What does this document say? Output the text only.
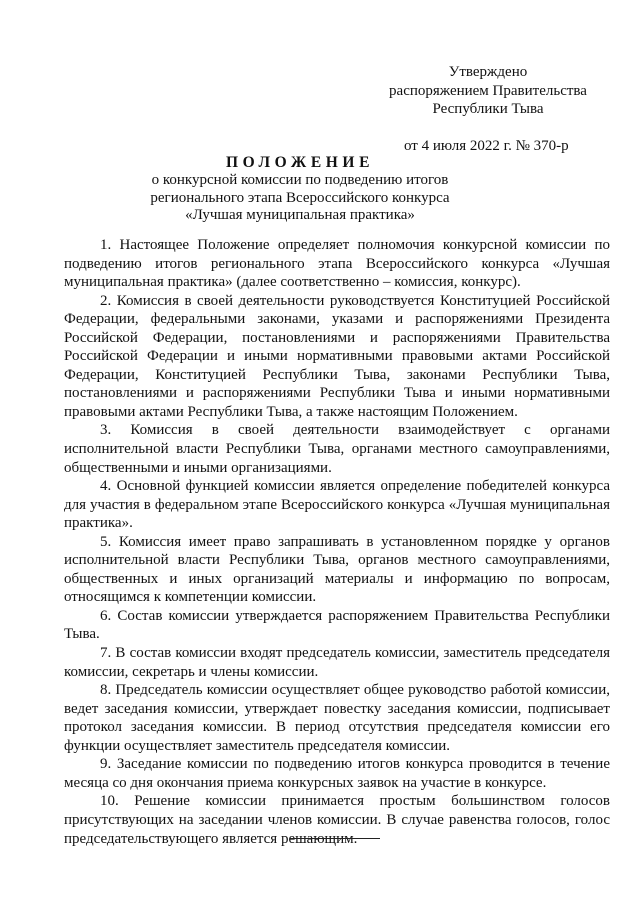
Утверждено
распоряжением Правительства
Республики Тыва
от 4 июля 2022 г. № 370-р
ПОЛОЖЕНИЕ
о конкурсной комиссии по подведению итогов
регионального этапа Всероссийского конкурса
«Лучшая муниципальная практика»

1. Настоящее Положение определяет полномочия конкурсной комиссии по подведению итогов регионального этапа Всероссийского конкурса «Лучшая муниципальная практика» (далее соответственно – комиссия, конкурс).

2. Комиссия в своей деятельности руководствуется Конституцией Российской Федерации, федеральными законами, указами и распоряжениями Президента Российской Федерации, постановлениями и распоряжениями Правительства Российской Федерации и иными нормативными правовыми актами Российской Федерации, Конституцией Республики Тыва, законами Республики Тыва, постановлениями и распоряжениями Республики Тыва и иными нормативными правовыми актами Республики Тыва, а также настоящим Положением.

3. Комиссия в своей деятельности взаимодействует с органами исполнительной власти Республики Тыва, органами местного самоуправлениями, общественными и иными организациями.

4. Основной функцией комиссии является определение победителей конкурса для участия в федеральном этапе Всероссийского конкурса «Лучшая муниципальная практика».

5. Комиссия имеет право запрашивать в установленном порядке у органов исполнительной власти Республики Тыва, органов местного самоуправлениями, общественных и иных организаций материалы и информацию по вопросам, относящимся к компетенции комиссии.

6. Состав комиссии утверждается распоряжением Правительства Республики Тыва.

7. В состав комиссии входят председатель комиссии, заместитель председателя комиссии, секретарь и члены комиссии.

8. Председатель комиссии осуществляет общее руководство работой комиссии, ведет заседания комиссии, утверждает повестку заседания комиссии, подписывает протокол заседания комиссии. В период отсутствия председателя комиссии его функции осуществляет заместитель председателя комиссии.

9. Заседание комиссии по подведению итогов конкурса проводится в течение месяца со дня окончания приема конкурсных заявок на участие в конкурсе.

10. Решение комиссии принимается простым большинством голосов присутствующих на заседании членов комиссии. В случае равенства голосов, голос председательствующего является решающим.
